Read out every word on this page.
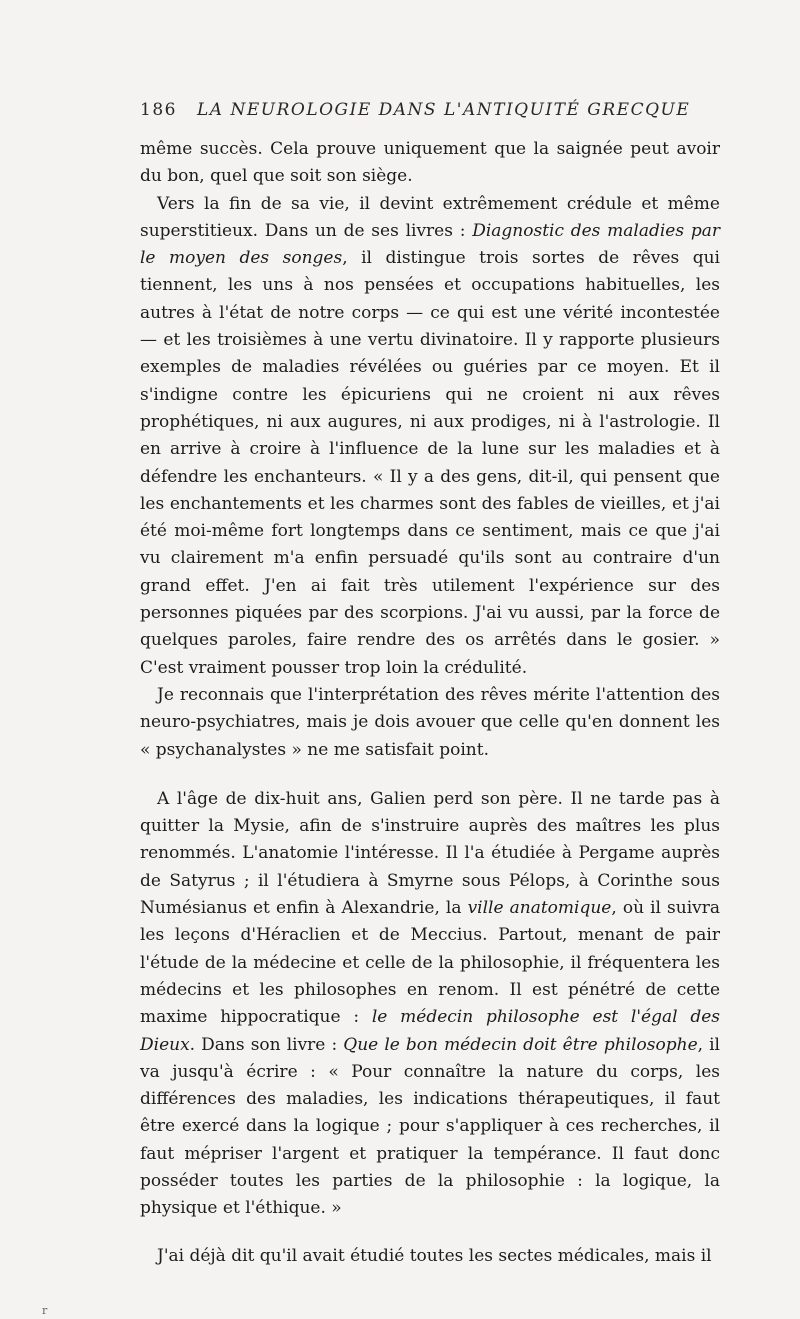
186 LA NEUROLOGIE DANS L'ANTIQUITÉ GRECQUE

même succès. Cela prouve uniquement que la saignée peut avoir du bon, quel que soit son siège.

Vers la fin de sa vie, il devint extrêmement crédule et même superstitieux. Dans un de ses livres : Diagnostic des maladies par le moyen des songes, il distingue trois sortes de rêves qui tiennent, les uns à nos pensées et occupations habituelles, les autres à l'état de notre corps — ce qui est une vérité incontestée — et les troisièmes à une vertu divinatoire. Il y rapporte plusieurs exemples de maladies révélées ou guéries par ce moyen. Et il s'indigne contre les épicuriens qui ne croient ni aux rêves prophétiques, ni aux augures, ni aux prodiges, ni à l'astrologie. Il en arrive à croire à l'influence de la lune sur les maladies et à défendre les enchanteurs. « Il y a des gens, dit-il, qui pensent que les enchantements et les charmes sont des fables de vieilles, et j'ai été moi-même fort longtemps dans ce sentiment, mais ce que j'ai vu clairement m'a enfin persuadé qu'ils sont au contraire d'un grand effet. J'en ai fait très utilement l'expérience sur des personnes piquées par des scorpions. J'ai vu aussi, par la force de quelques paroles, faire rendre des os arrêtés dans le gosier. » C'est vraiment pousser trop loin la crédulité.

Je reconnais que l'interprétation des rêves mérite l'attention des neuro-psychiatres, mais je dois avouer que celle qu'en donnent les « psychanalystes » ne me satisfait point.

A l'âge de dix-huit ans, Galien perd son père. Il ne tarde pas à quitter la Mysie, afin de s'instruire auprès des maîtres les plus renommés. L'anatomie l'intéresse. Il l'a étudiée à Pergame auprès de Satyrus ; il l'étudiera à Smyrne sous Pélops, à Corinthe sous Numésianus et enfin à Alexandrie, la ville anatomique, où il suivra les leçons d'Héraclien et de Meccius. Partout, menant de pair l'étude de la médecine et celle de la philosophie, il fréquentera les médecins et les philosophes en renom. Il est pénétré de cette maxime hippocratique : le médecin philosophe est l'égal des Dieux. Dans son livre : Que le bon médecin doit être philosophe, il va jusqu'à écrire : « Pour connaître la nature du corps, les différences des maladies, les indications thérapeutiques, il faut être exercé dans la logique ; pour s'appliquer à ces recherches, il faut mépriser l'argent et pratiquer la tempérance. Il faut donc posséder toutes les parties de la philosophie : la logique, la physique et l'éthique. »

J'ai déjà dit qu'il avait étudié toutes les sectes médicales, mais il

r
